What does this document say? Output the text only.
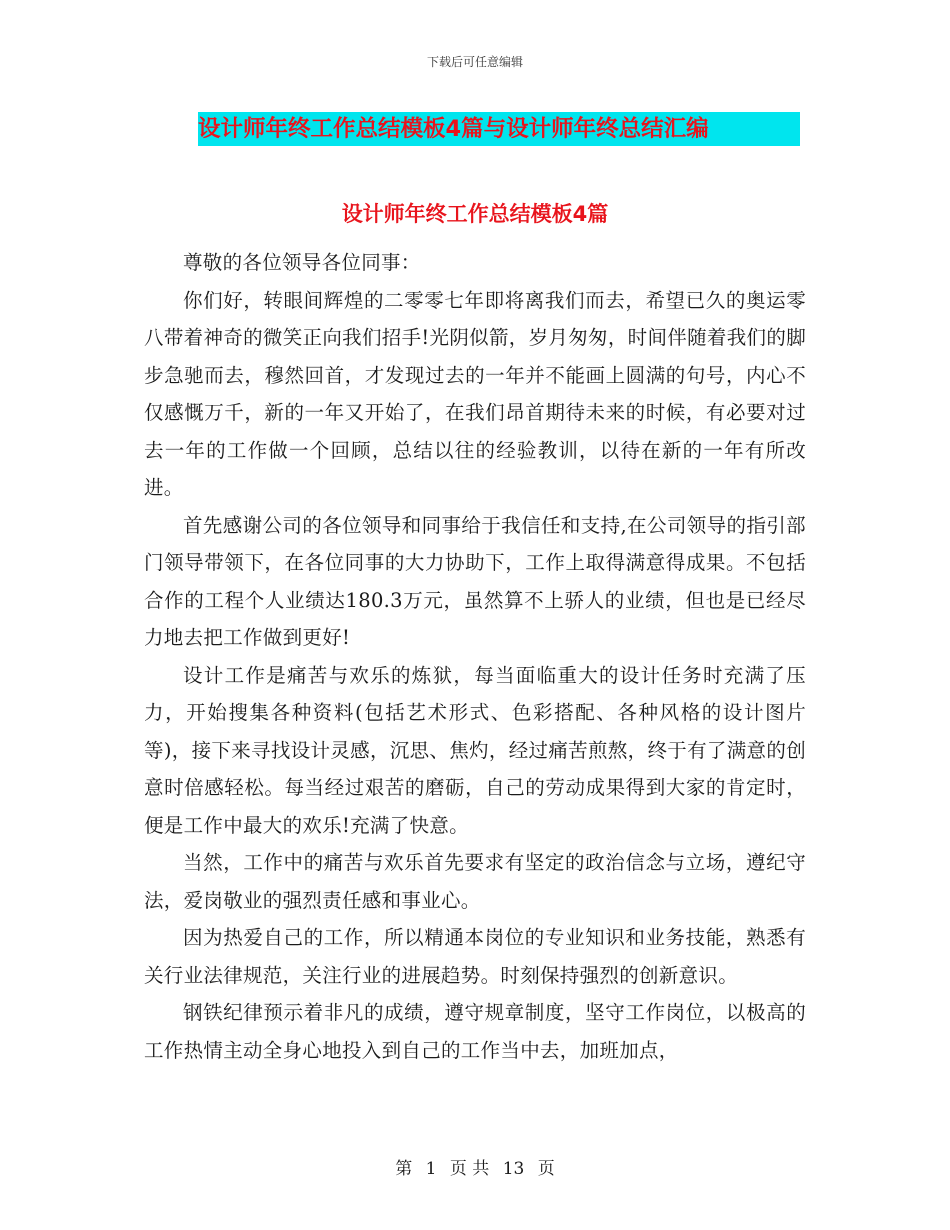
下载后可任意编辑
设计师年终工作总结模板4篇与设计师年终总结汇编
设计师年终工作总结模板4篇

尊敬的各位领导各位同事：

你们好，转眼间辉煌的二零零七年即将离我们而去，希望已久的奥运零八带着神奇的微笑正向我们招手!光阴似箭，岁月匆匆，时间伴随着我们的脚步急驰而去，穆然回首，才发现过去的一年并不能画上圆满的句号，内心不仅感慨万千，新的一年又开始了，在我们昂首期待未来的时候，有必要对过去一年的工作做一个回顾，总结以往的经验教训，以待在新的一年有所改进。

首先感谢公司的各位领导和同事给于我信任和支持,在公司领导的指引部门领导带领下，在各位同事的大力协助下，工作上取得满意得成果。不包括合作的工程个人业绩达180.3万元，虽然算不上骄人的业绩，但也是已经尽力地去把工作做到更好!

设计工作是痛苦与欢乐的炼狱，每当面临重大的设计任务时充满了压力，开始搜集各种资料(包括艺术形式、色彩搭配、各种风格的设计图片等)，接下来寻找设计灵感，沉思、焦灼，经过痛苦煎熬，终于有了满意的创意时倍感轻松。每当经过艰苦的磨砺，自己的劳动成果得到大家的肯定时，便是工作中最大的欢乐!充满了快意。

当然，工作中的痛苦与欢乐首先要求有坚定的政治信念与立场，遵纪守法，爱岗敬业的强烈责任感和事业心。

因为热爱自己的工作，所以精通本岗位的专业知识和业务技能，熟悉有关行业法律规范，关注行业的进展趋势。时刻保持强烈的创新意识。

钢铁纪律预示着非凡的成绩，遵守规章制度，坚守工作岗位，以极高的工作热情主动全身心地投入到自己的工作当中去，加班加点，

第 1 页 共 13 页
